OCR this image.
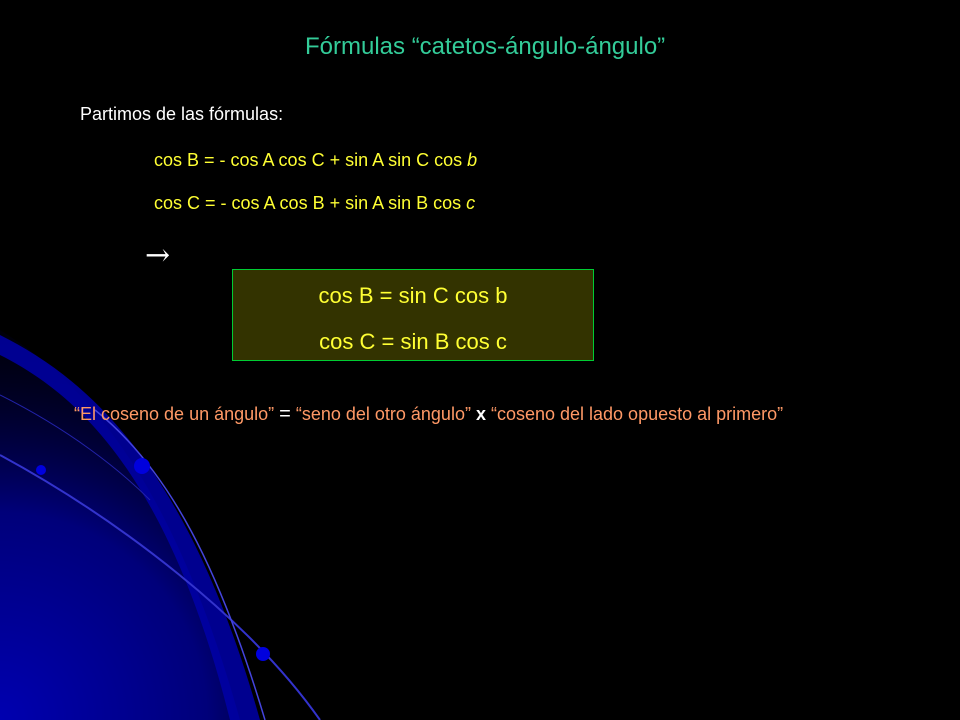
Fórmulas “catetos-ángulo-ángulo”
Partimos de las fórmulas:
cos B = - cos A cos C + sin A sin C cos b
cos C = - cos A cos B + sin A sin B cos c
→
cos B = sin C cos b
cos C = sin B cos c
“El coseno de un ángulo” = “seno del otro ángulo” x “coseno del lado opuesto al primero”
